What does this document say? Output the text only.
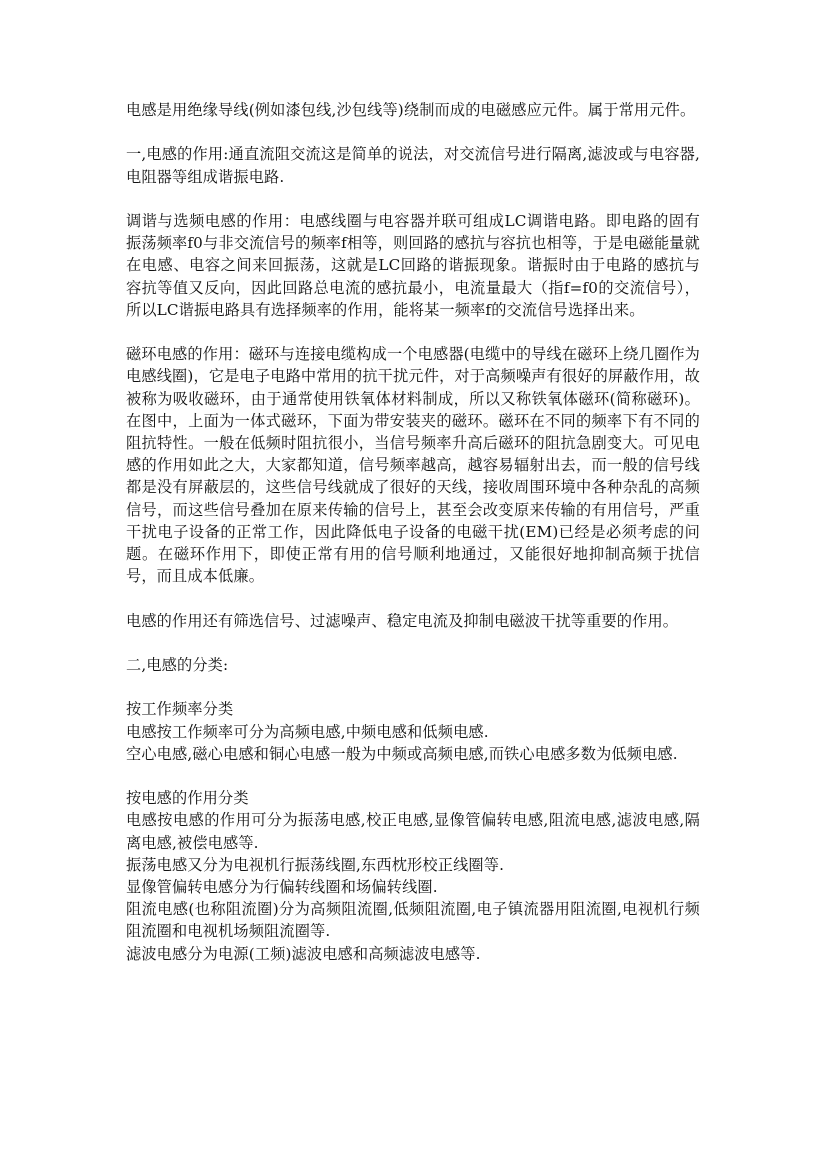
电感是用绝缘导线(例如漆包线,沙包线等)绕制而成的电磁感应元件。属于常用元件。

一,电感的作用:通直流阻交流这是简单的说法，对交流信号进行隔离,滤波或与电容器,电阻器等组成谐振电路.

调谐与选频电感的作用：电感线圈与电容器并联可组成LC调谐电路。即电路的固有振荡频率f0与非交流信号的频率f相等，则回路的感抗与容抗也相等，于是电磁能量就在电感、电容之间来回振荡，这就是LC回路的谐振现象。谐振时由于电路的感抗与容抗等值又反向，因此回路总电流的感抗最小，电流量最大（指f=f0的交流信号），所以LC谐振电路具有选择频率的作用，能将某一频率f的交流信号选择出来。

磁环电感的作用：磁环与连接电缆构成一个电感器(电缆中的导线在磁环上绕几圈作为电感线圈)，它是电子电路中常用的抗干扰元件，对于高频噪声有很好的屏蔽作用，故被称为吸收磁环，由于通常使用铁氧体材料制成，所以又称铁氧体磁环(简称磁环)。在图中，上面为一体式磁环，下面为带安装夹的磁环。磁环在不同的频率下有不同的阻抗特性。一般在低频时阻抗很小，当信号频率升高后磁环的阻抗急剧变大。可见电感的作用如此之大，大家都知道，信号频率越高，越容易辐射出去，而一般的信号线都是没有屏蔽层的，这些信号线就成了很好的天线，接收周围环境中各种杂乱的高频信号，而这些信号叠加在原来传输的信号上，甚至会改变原来传输的有用信号，严重干扰电子设备的正常工作，因此降低电子设备的电磁干扰(EM)已经是必须考虑的问题。在磁环作用下，即使正常有用的信号顺利地通过，又能很好地抑制高频于扰信号，而且成本低廉。

电感的作用还有筛选信号、过滤噪声、稳定电流及抑制电磁波干扰等重要的作用。

二,电感的分类:

按工作频率分类

电感按工作频率可分为高频电感,中频电感和低频电感.

空心电感,磁心电感和铜心电感一般为中频或高频电感,而铁心电感多数为低频电感.

按电感的作用分类

电感按电感的作用可分为振荡电感,校正电感,显像管偏转电感,阻流电感,滤波电感,隔离电感,被偿电感等.

振荡电感又分为电视机行振荡线圈,东西枕形校正线圈等.

显像管偏转电感分为行偏转线圈和场偏转线圈.

阻流电感(也称阻流圈)分为高频阻流圈,低频阻流圈,电子镇流器用阻流圈,电视机行频阻流圈和电视机场频阻流圈等.

滤波电感分为电源(工频)滤波电感和高频滤波电感等.
